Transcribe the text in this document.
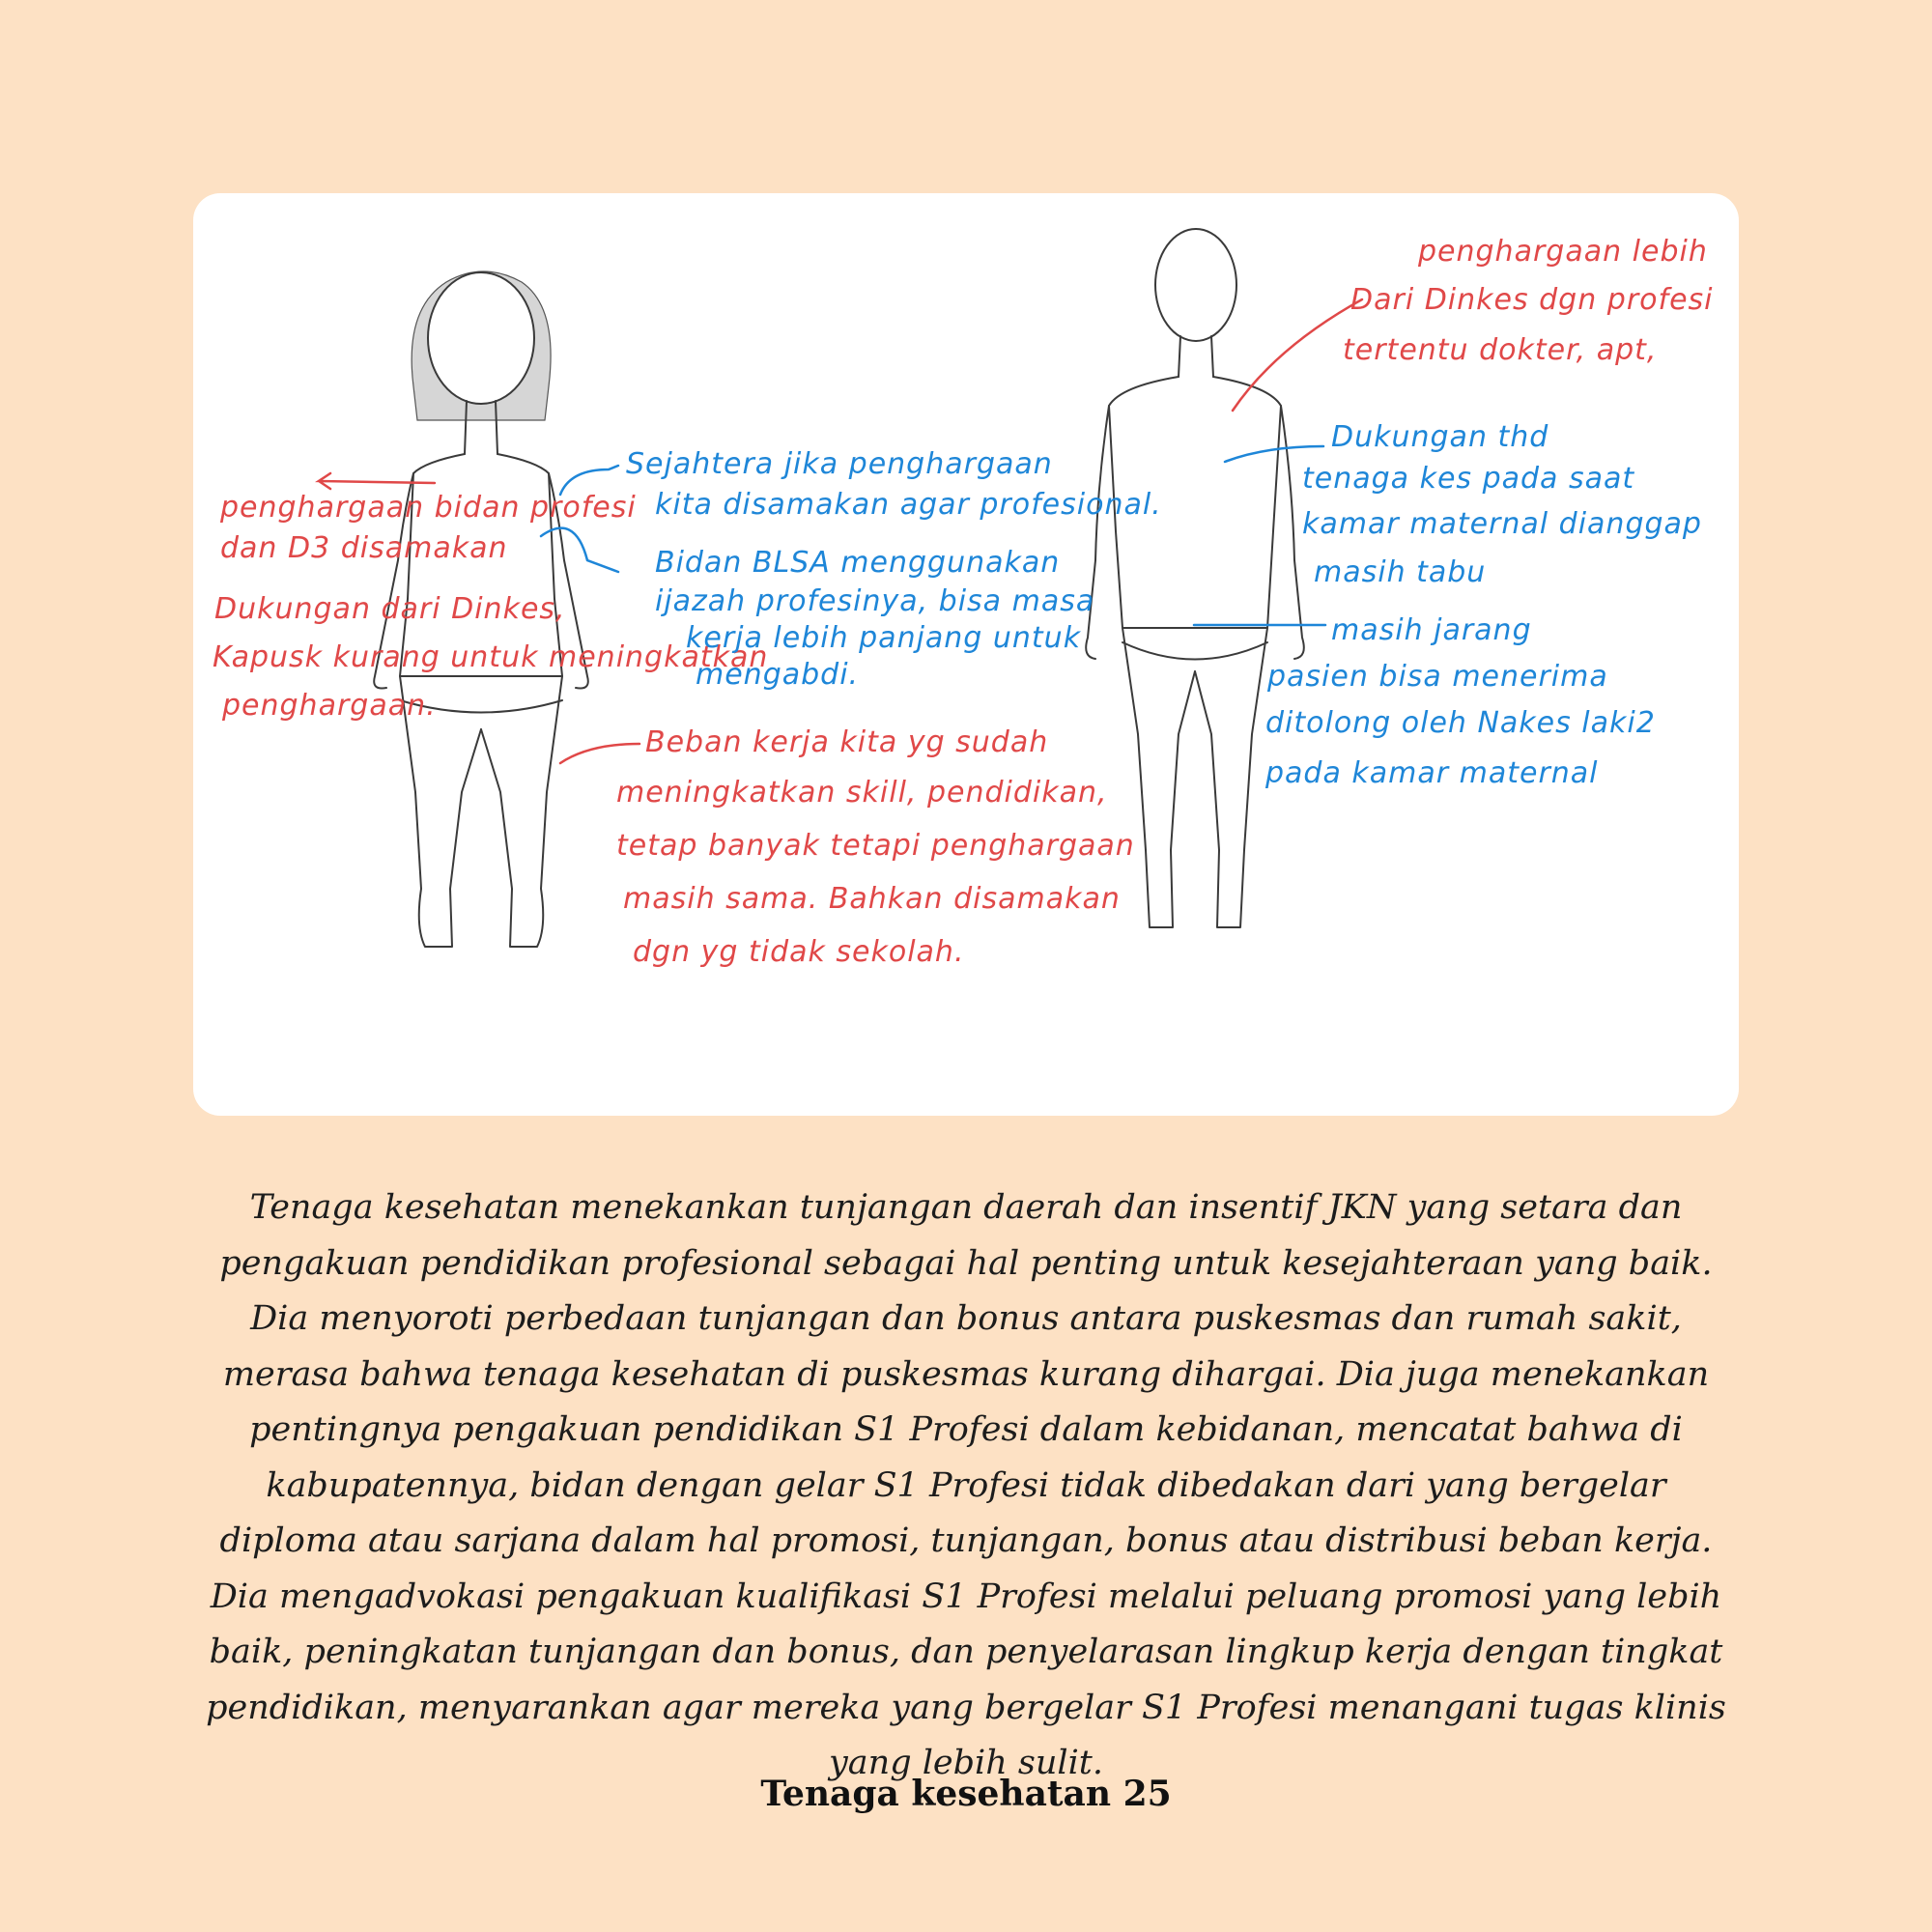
penghargaan bidan profesi
dan D3 disamakan
Dukungan dari Dinkes,
Kapusk kurang untuk meningkatkan
penghargaan.
Sejahtera jika penghargaan
kita disamakan agar profesional.
Bidan BLSA menggunakan
ijazah profesinya, bisa masa
kerja lebih panjang untuk
mengabdi.
Beban kerja kita yg sudah
meningkatkan skill, pendidikan,
tetap banyak tetapi penghargaan
masih sama. Bahkan disamakan
dgn yg tidak sekolah.
penghargaan lebih
Dari Dinkes dgn profesi
tertentu dokter, apt,
Dukungan thd
tenaga kes pada saat
kamar maternal dianggap
masih tabu
masih jarang
pasien bisa menerima
ditolong oleh Nakes laki2
pada kamar maternal

Tenaga kesehatan menekankan tunjangan daerah dan insentif JKN yang setara dan pengakuan pendidikan profesional sebagai hal penting untuk kesejahteraan yang baik. Dia menyoroti perbedaan tunjangan dan bonus antara puskesmas dan rumah sakit, merasa bahwa tenaga kesehatan di puskesmas kurang dihargai. Dia juga menekankan pentingnya pengakuan pendidikan S1 Profesi dalam kebidanan, mencatat bahwa di kabupatennya, bidan dengan gelar S1 Profesi tidak dibedakan dari yang bergelar diploma atau sarjana dalam hal promosi, tunjangan, bonus atau distribusi beban kerja. Dia mengadvokasi pengakuan kualifikasi S1 Profesi melalui peluang promosi yang lebih baik, peningkatan tunjangan dan bonus, dan penyelarasan lingkup kerja dengan tingkat pendidikan, menyarankan agar mereka yang bergelar S1 Profesi menangani tugas klinis yang lebih sulit.

Tenaga kesehatan 25
